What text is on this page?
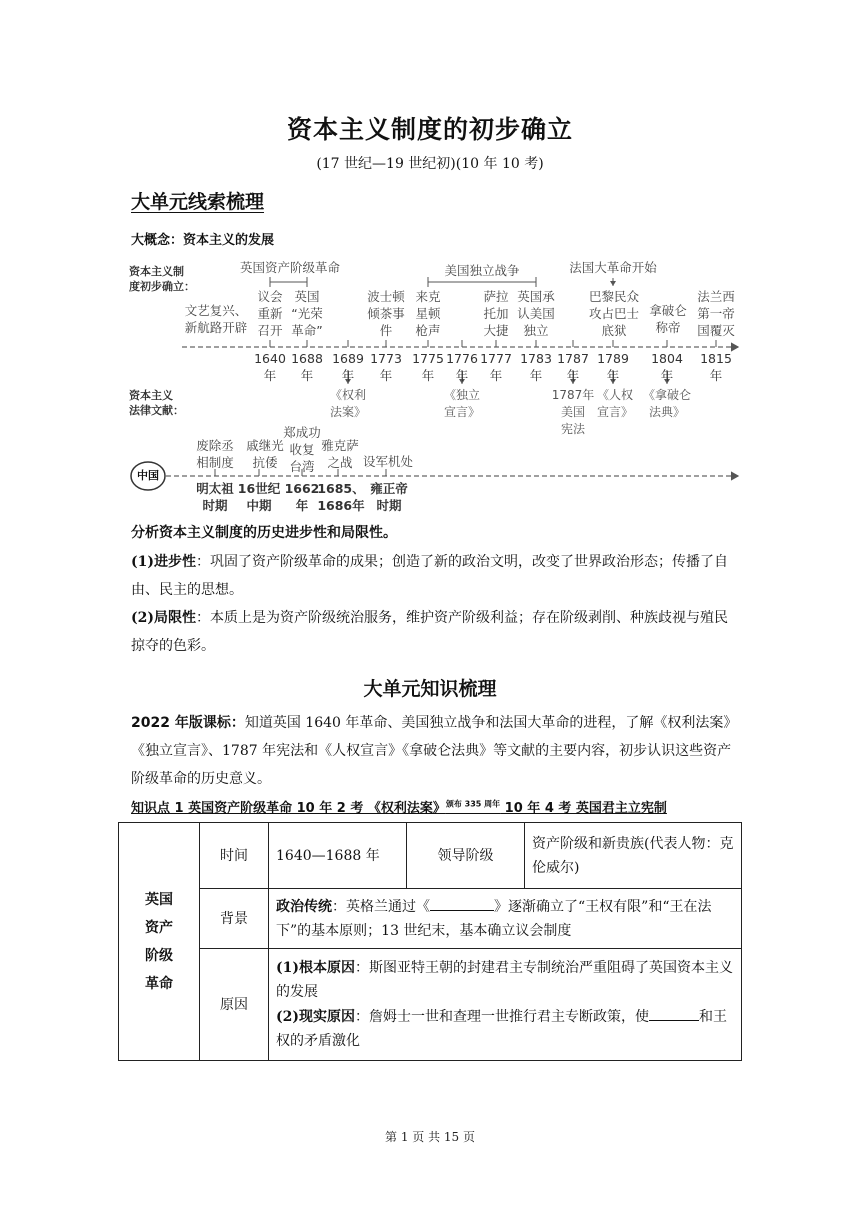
资本主义制度的初步确立
(17 世纪—19 世纪初)(10 年 10 考)
大单元线索梳理
大概念：资本主义的发展
资本主义制
度初步确立：
资本主义
法律文献：
中国
英国资产阶级革命	美国独立战争	法国大革命开始
文艺复兴、
新航路开辟
议会
重新
召开
英国
“光荣
革命”
波士顿
倾茶事
件
来克
星顿
枪声
萨拉
托加
大捷
英国承
认美国
独立
巴黎民众
攻占巴士
底狱
拿破仑
称帝
法兰西
第一帝
国覆灭
1640
年
1688
年
1689
年
1773
年
1775
年
1776
年
1777
年
1783
年
1787
年
1789
年
1804
年
1815
年
《权利
法案》
《独立
宣言》
1787年
美国
宪法
《人权
宣言》
《拿破仑
法典》
废除丞
相制度
戚继光
抗倭
郑成功
收复
台湾
雅克萨
之战 设军机处
明太祖
时期
16世纪
中期
1662
年
1685、
1686年
雍正帝
时期
分析资本主义制度的历史进步性和局限性。
(1)进步性：巩固了资产阶级革命的成果；创造了新的政治文明，改变了世界政治形态；传播了自由、民主的思想。
(2)局限性：本质上是为资产阶级统治服务，维护资产阶级利益；存在阶级剥削、种族歧视与殖民掠夺的色彩。
大单元知识梳理
2022 年版课标：知道英国 1640 年革命、美国独立战争和法国大革命的进程，了解《权利法案》《独立宣言》、1787 年宪法和《人权宣言》《拿破仑法典》等文献的主要内容，初步认识这些资产阶级革命的历史意义。
知识点 1 英国资产阶级革命 10 年 2 考 《权利法案》$^{颁布 335 周年}$ 10 年 4 考 英国君主立宪制
英国
资产
阶级
革命	时间	1640—1688 年	领导阶级	资产阶级和新贵族(代表人物：克伦威尔)
	背景	政治传统：英格兰通过《 》逐渐确立了“王权有限”和“王在法下”的基本原则；13 世纪末，基本确立议会制度		
	原因	(1)根本原因：斯图亚特王朝的封建君主专制统治严重阻碍了英国资本主义的发展
(2)现实原因：詹姆士一世和查理一世推行君主专断政策，使 和王权的矛盾激化		
第 1 页 共 15 页
